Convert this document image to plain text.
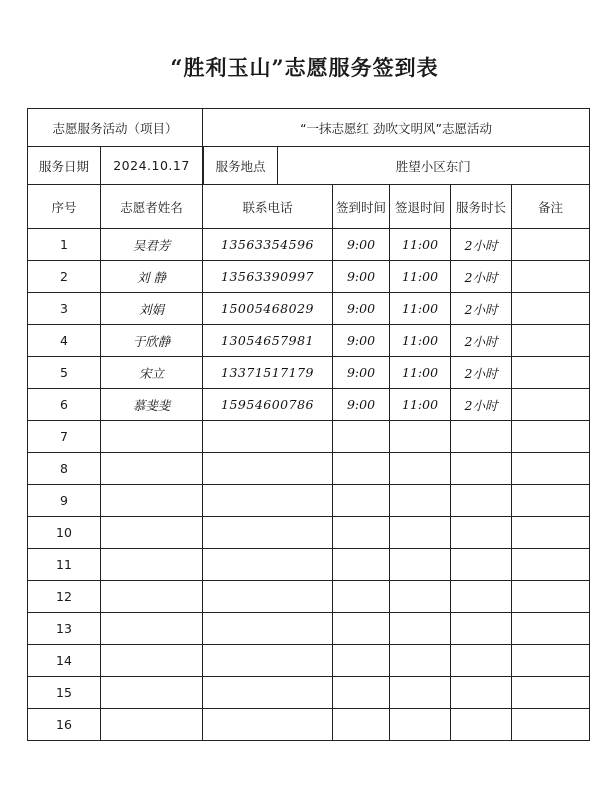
“胜利玉山”志愿服务签到表
志愿服务活动（项目）	“一抹志愿红 劲吹文明风”志愿活动
服务日期	2024.10.17	服务地点	胜望小区东门

序号	志愿者姓名	联系电话	签到时间	签退时间	服务时长	备注
1	吴君芳	13563354596	9:00	11:00	2小时	
2	刘 静	13563390997	9:00	11:00	2小时	
3	刘娟	15005468029	9:00	11:00	2小时	
4	于欣静	13054657981	9:00	11:00	2小时	
5	宋立	13371517179	9:00	11:00	2小时	
6	慕斐斐	15954600786	9:00	11:00	2小时	
7						
8						
9						
10						
11						
12						
13						
14						
15						
16						
